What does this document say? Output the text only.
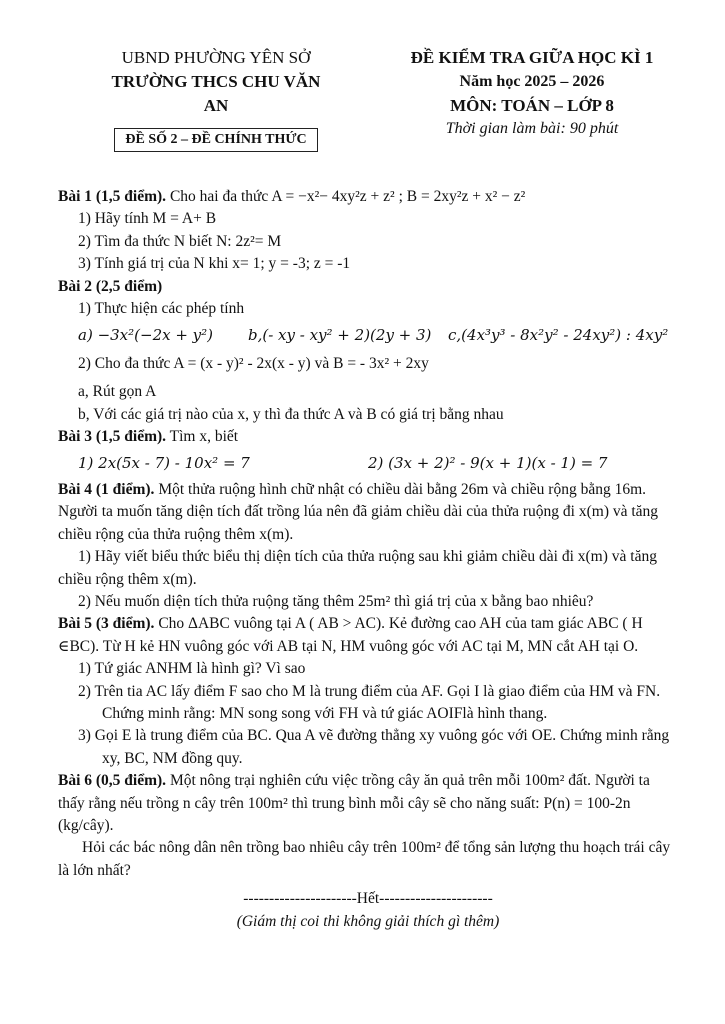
UBND PHƯỜNG YÊN SỞ
TRƯỜNG THCS CHU VĂN AN
ĐỀ SỐ 2 – ĐỀ CHÍNH THỨC
ĐỀ KIỂM TRA GIỮA HỌC KÌ 1
Năm học 2025 – 2026
MÔN: TOÁN – LỚP 8
Thời gian làm bài: 90 phút

Bài 1 (1,5 điểm). Cho hai đa thức A = −x²− 4xy²z + z² ; B = 2xy²z + x² − z²

1) Hãy tính M = A+ B

2) Tìm đa thức N biết N: 2z²= M

3) Tính giá trị của N khi x= 1; y = -3; z = -1

Bài 2 (2,5 điểm)

1) Thực hiện các phép tính

a) −3x²(−2x + y²)	b,(- xy - xy² + 2)(2y + 3)	c,(4x³y³ - 8x²y² - 24xy²) : 4xy²

2) Cho đa thức A = (x - y)² - 2x(x - y) và B = - 3x² + 2xy

a, Rút gọn A

b, Với các giá trị nào của x, y thì đa thức A và B có giá trị bằng nhau

Bài 3 (1,5 điểm). Tìm x, biết

1) 2x(5x - 7) - 10x² = 7	2) (3x + 2)² - 9(x + 1)(x - 1) = 7

Bài 4 (1 điểm). Một thửa ruộng hình chữ nhật có chiều dài bằng 26m và chiều rộng bằng 16m. Người ta muốn tăng diện tích đất trồng lúa nên đã giảm chiều dài của thửa ruộng đi x(m) và tăng chiều rộng của thửa ruộng thêm x(m).

1) Hãy viết biểu thức biểu thị diện tích của thửa ruộng sau khi giảm chiều dài đi x(m) và tăng chiều rộng thêm x(m).

2) Nếu muốn diện tích thửa ruộng tăng thêm 25m² thì giá trị của x bằng bao nhiêu?

Bài 5 (3 điểm). Cho ΔABC vuông tại A ( AB > AC). Kẻ đường cao AH của tam giác ABC ( H ∈BC). Từ H kẻ HN vuông góc với AB tại N, HM vuông góc với AC tại M, MN cắt AH tại O.

1) Tứ giác ANHM là hình gì? Vì sao

2) Trên tia AC lấy điểm F sao cho M là trung điểm của AF. Gọi I là giao điểm của HM và FN. Chứng minh rằng: MN song song với FH và tứ giác AOIFlà hình thang.

3) Gọi E là trung điểm của BC. Qua A vẽ đường thẳng xy vuông góc với OE. Chứng minh rằng xy, BC, NM đồng quy.

Bài 6 (0,5 điểm). Một nông trại nghiên cứu việc trồng cây ăn quả trên mỗi 100m² đất. Người ta thấy rằng nếu trồng n cây trên 100m² thì trung bình mỗi cây sẽ cho năng suất: P(n) = 100-2n (kg/cây).

Hỏi các bác nông dân nên trồng bao nhiêu cây trên 100m² để tổng sản lượng thu hoạch trái cây là lớn nhất?

----------------------Hết----------------------

(Giám thị coi thi không giải thích gì thêm)
